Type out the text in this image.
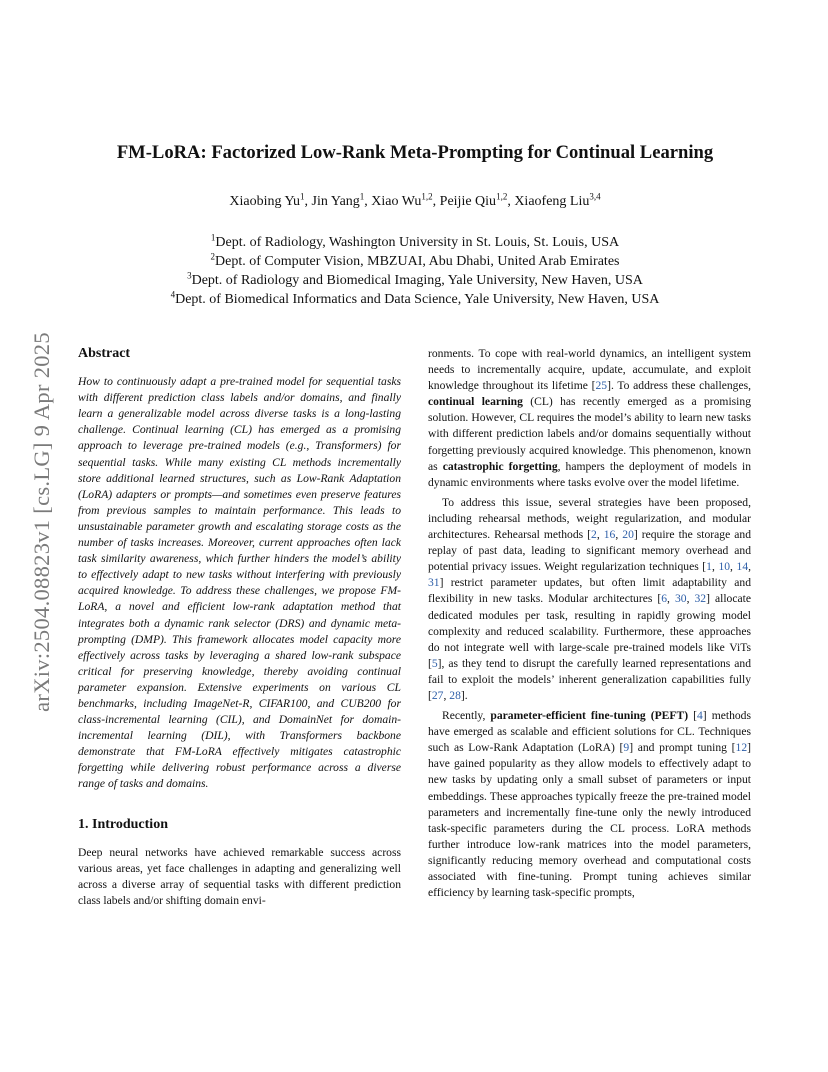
arXiv:2504.08823v1 [cs.LG] 9 Apr 2025
FM-LoRA: Factorized Low-Rank Meta-Prompting for Continual Learning
Xiaobing Yu$^1$, Jin Yang$^1$, Xiao Wu$^{1,2}$, Peijie Qiu$^{1,2}$, Xiaofeng Liu$^{3,4}$
$^1$Dept. of Radiology, Washington University in St. Louis, St. Louis, USA
$^2$Dept. of Computer Vision, MBZUAI, Abu Dhabi, United Arab Emirates
$^3$Dept. of Radiology and Biomedical Imaging, Yale University, New Haven, USA
$^4$Dept. of Biomedical Informatics and Data Science, Yale University, New Haven, USA

Abstract

How to continuously adapt a pre-trained model for sequential tasks with different prediction class labels and/or domains, and finally learn a generalizable model across diverse tasks is a long-lasting challenge. Continual learning (CL) has emerged as a promising approach to leverage pre-trained models (e.g., Transformers) for sequential tasks. While many existing CL methods incrementally store additional learned structures, such as Low-Rank Adaptation (LoRA) adapters or prompts—and sometimes even preserve features from previous samples to maintain performance. This leads to unsustainable parameter growth and escalating storage costs as the number of tasks increases. Moreover, current approaches often lack task similarity awareness, which further hinders the model’s ability to effectively adapt to new tasks without interfering with previously acquired knowledge. To address these challenges, we propose FM-LoRA, a novel and efficient low-rank adaptation method that integrates both a dynamic rank selector (DRS) and dynamic meta-prompting (DMP). This framework allocates model capacity more effectively across tasks by leveraging a shared low-rank subspace critical for preserving knowledge, thereby avoiding continual parameter expansion. Extensive experiments on various CL benchmarks, including ImageNet-R, CIFAR100, and CUB200 for class-incremental learning (CIL), and DomainNet for domain-incremental learning (DIL), with Transformers backbone demonstrate that FM-LoRA effectively mitigates catastrophic forgetting while delivering robust performance across a diverse range of tasks and domains.

1. Introduction

Deep neural networks have achieved remarkable success across various areas, yet face challenges in adapting and generalizing well across a diverse array of sequential tasks with different prediction class labels and/or shifting domain envi-

ronments. To cope with real-world dynamics, an intelligent system needs to incrementally acquire, update, accumulate, and exploit knowledge throughout its lifetime [25]. To address these challenges, continual learning (CL) has recently emerged as a promising solution. However, CL requires the model’s ability to learn new tasks with different prediction labels and/or domains sequentially without forgetting previously acquired knowledge. This phenomenon, known as catastrophic forgetting, hampers the deployment of models in dynamic environments where tasks evolve over the model lifetime.

To address this issue, several strategies have been proposed, including rehearsal methods, weight regularization, and modular architectures. Rehearsal methods [2, 16, 20] require the storage and replay of past data, leading to significant memory overhead and potential privacy issues. Weight regularization techniques [1, 10, 14, 31] restrict parameter updates, but often limit adaptability and flexibility in new tasks. Modular architectures [6, 30, 32] allocate dedicated modules per task, resulting in rapidly growing model complexity and reduced scalability. Furthermore, these approaches do not integrate well with large-scale pre-trained models like ViTs [5], as they tend to disrupt the carefully learned representations and fail to exploit the models’ inherent generalization capabilities fully [27, 28].

Recently, parameter-efficient fine-tuning (PEFT) [4] methods have emerged as scalable and efficient solutions for CL. Techniques such as Low-Rank Adaptation (LoRA) [9] and prompt tuning [12] have gained popularity as they allow models to effectively adapt to new tasks by updating only a small subset of parameters or input embeddings. These approaches typically freeze the pre-trained model parameters and incrementally fine-tune only the newly introduced task-specific parameters during the CL process. LoRA methods further introduce low-rank matrices into the model parameters, significantly reducing memory overhead and computational costs associated with fine-tuning. Prompt tuning achieves similar efficiency by learning task-specific prompts,
